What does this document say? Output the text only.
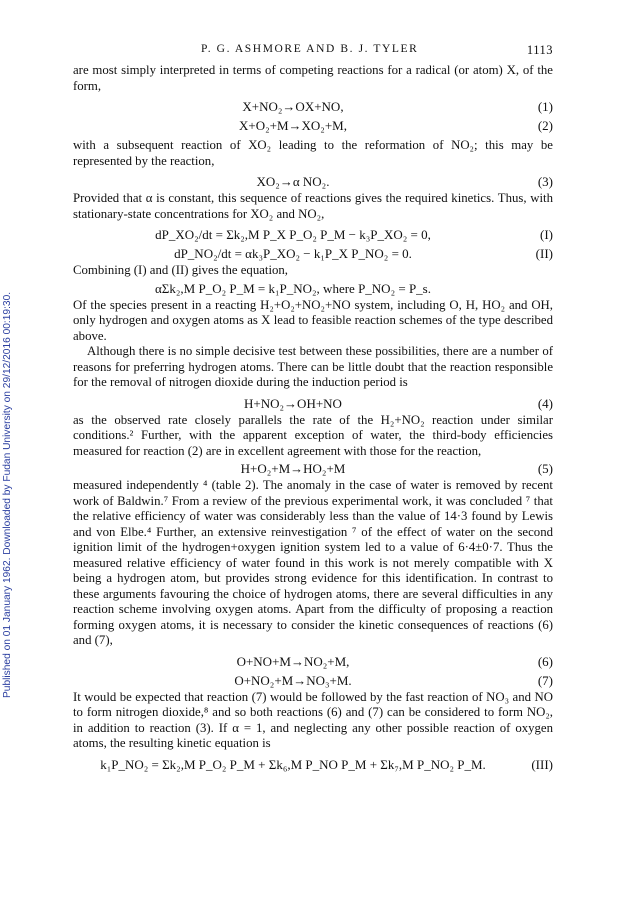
Published on 01 January 1962. Downloaded by Fudan University on 29/12/2016 00:19:30.
P. G. ASHMORE AND B. J. TYLER	1113

are most simply interpreted in terms of competing reactions for a radical (or atom) X, of the form,

X+NO₂→OX+NO,	(1)
X+O₂+M→XO₂+M,	(2)

with a subsequent reaction of XO₂ leading to the reformation of NO₂; this may be represented by the reaction,

XO₂→α NO₂.	(3)

Provided that α is constant, this sequence of reactions gives the required kinetics. Thus, with stationary-state concentrations for XO₂ and NO₂,

dP_XO₂/dt = Σk₂,M P_X P_O₂ P_M − k₃P_XO₂ = 0,	(I)
dP_NO₂/dt = αk₃P_XO₂ − k₁P_X P_NO₂ = 0.	(II)

Combining (I) and (II) gives the equation,

αΣk₂,M P_O₂ P_M = k₁P_NO₂, where P_NO₂ = P_s.

Of the species present in a reacting H₂+O₂+NO₂+NO system, including O, H, HO₂ and OH, only hydrogen and oxygen atoms as X lead to feasible reaction schemes of the type described above.

Although there is no simple decisive test between these possibilities, there are a number of reasons for preferring hydrogen atoms. There can be little doubt that the reaction responsible for the removal of nitrogen dioxide during the induction period is

H+NO₂→OH+NO	(4)

as the observed rate closely parallels the rate of the H₂+NO₂ reaction under similar conditions.² Further, with the apparent exception of water, the third-body efficiencies measured for reaction (2) are in excellent agreement with those for the reaction,

H+O₂+M→HO₂+M	(5)

measured independently ⁴ (table 2). The anomaly in the case of water is removed by recent work of Baldwin.⁷ From a review of the previous experimental work, it was concluded ⁷ that the relative efficiency of water was considerably less than the value of 14·3 found by Lewis and von Elbe.⁴ Further, an extensive reinvestigation ⁷ of the effect of water on the second ignition limit of the hydrogen+oxygen ignition system led to a value of 6·4±0·7. Thus the measured relative efficiency of water found in this work is not merely compatible with X being a hydrogen atom, but provides strong evidence for this identification. In contrast to these arguments favouring the choice of hydrogen atoms, there are several difficulties in any reaction scheme involving oxygen atoms. Apart from the difficulty of proposing a reaction forming oxygen atoms, it is necessary to consider the kinetic consequences of reactions (6) and (7),

O+NO+M→NO₂+M,	(6)
O+NO₂+M→NO₃+M.	(7)

It would be expected that reaction (7) would be followed by the fast reaction of NO₃ and NO to form nitrogen dioxide,⁸ and so both reactions (6) and (7) can be considered to form NO₂, in addition to reaction (3). If α = 1, and neglecting any other possible reaction of oxygen atoms, the resulting kinetic equation is

k₁P_NO₂ = Σk₂,M P_O₂ P_M + Σk₆,M P_NO P_M + Σk₇,M P_NO₂ P_M.	(III)
